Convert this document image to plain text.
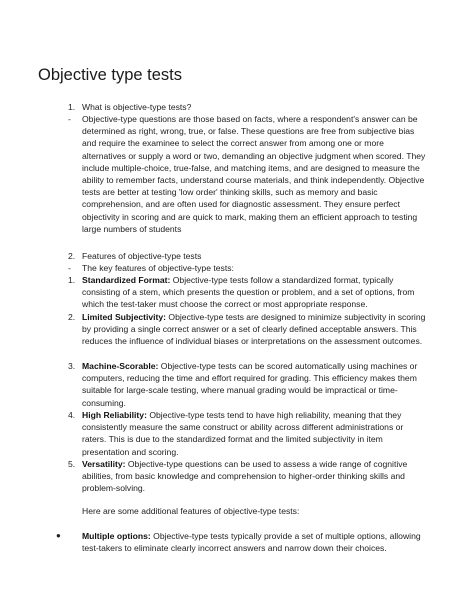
Objective type tests
1. What is objective-type tests?
- Objective-type questions are those based on facts, where a respondent's answer can be determined as right, wrong, true, or false. These questions are free from subjective bias and require the examinee to select the correct answer from among one or more alternatives or supply a word or two, demanding an objective judgment when scored. They include multiple-choice, true-false, and matching items, and are designed to measure the ability to remember facts, understand course materials, and think independently. Objective tests are better at testing 'low order' thinking skills, such as memory and basic comprehension, and are often used for diagnostic assessment. They ensure perfect objectivity in scoring and are quick to mark, making them an efficient approach to testing large numbers of students
2. Features of objective-type tests
- The key features of objective-type tests:
1. Standardized Format: Objective-type tests follow a standardized format, typically consisting of a stem, which presents the question or problem, and a set of options, from which the test-taker must choose the correct or most appropriate response.
2. Limited Subjectivity: Objective-type tests are designed to minimize subjectivity in scoring by providing a single correct answer or a set of clearly defined acceptable answers. This reduces the influence of individual biases or interpretations on the assessment outcomes.
3. Machine-Scorable: Objective-type tests can be scored automatically using machines or computers, reducing the time and effort required for grading. This efficiency makes them suitable for large-scale testing, where manual grading would be impractical or time-consuming.
4. High Reliability: Objective-type tests tend to have high reliability, meaning that they consistently measure the same construct or ability across different administrations or raters. This is due to the standardized format and the limited subjectivity in item presentation and scoring.
5. Versatility: Objective-type questions can be used to assess a wide range of cognitive abilities, from basic knowledge and comprehension to higher-order thinking skills and problem-solving.
Here are some additional features of objective-type tests:
● Multiple options: Objective-type tests typically provide a set of multiple options, allowing test-takers to eliminate clearly incorrect answers and narrow down their choices.
